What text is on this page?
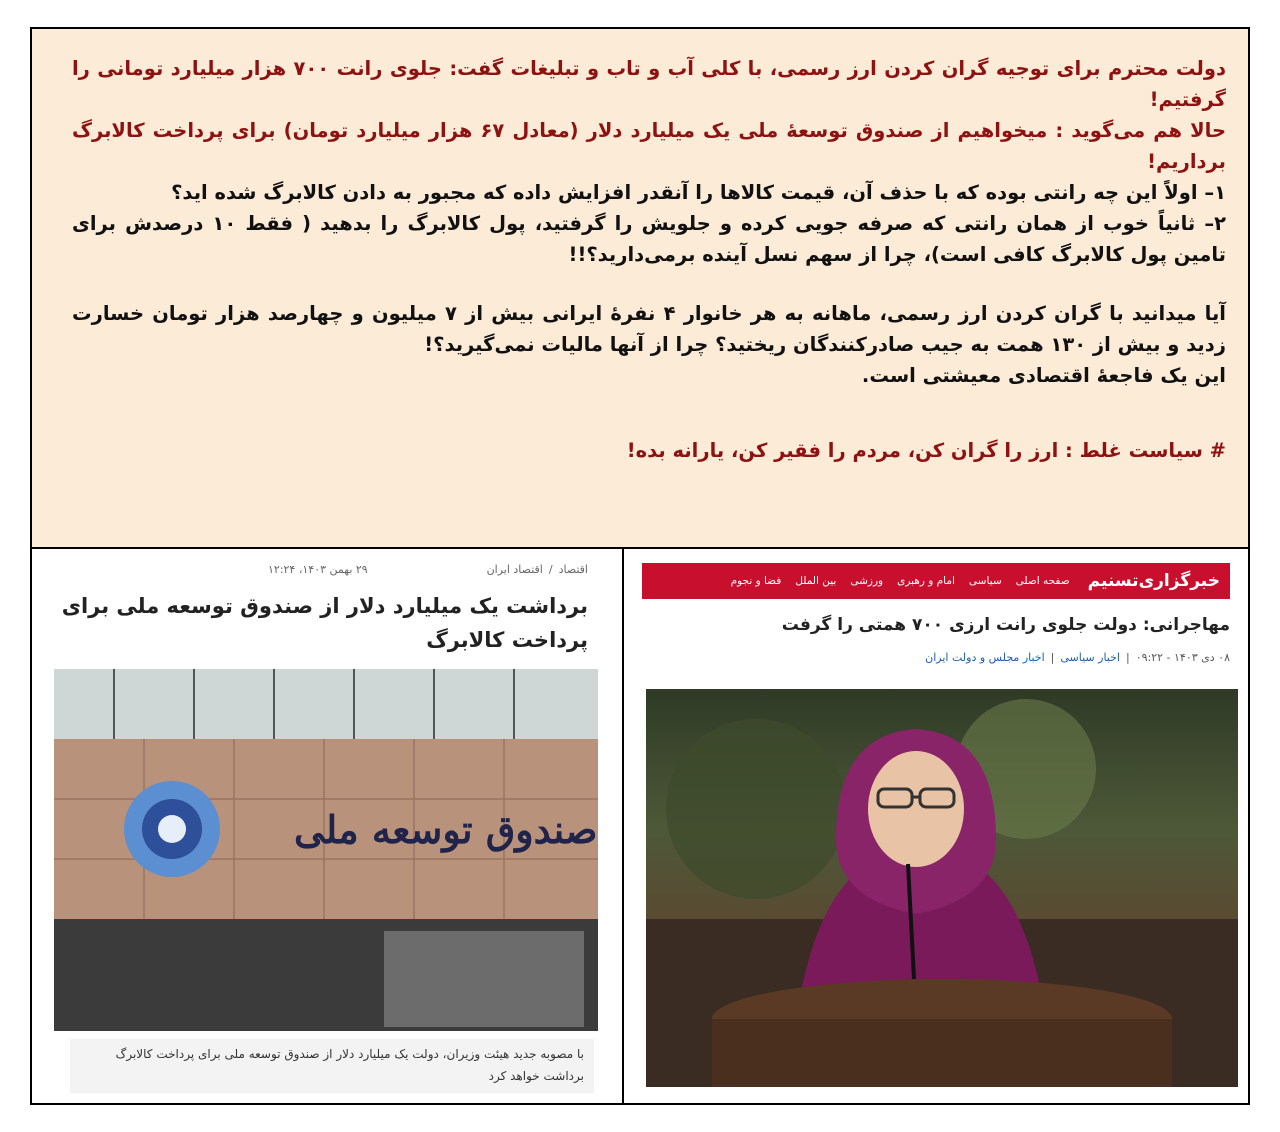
دولت محترم برای توجیه گران کردن ارز رسمی، با کلی آب و تاب و تبلیغات گفت: جلوی رانت ۷۰۰ هزار میلیارد تومانی را گرفتیم!

حالا هم می‌گوید : میخواهیم از صندوق توسعۀ ملی یک میلیارد دلار (معادل ۶۷ هزار میلیارد تومان) برای پرداخت کالابرگ برداریم!

۱– اولاً این چه رانتی بوده که با حذف آن، قیمت کالاها را آنقدر افزایش داده که مجبور به دادن کالابرگ شده اید؟

۲– ثانیاً خوب از همان رانتی که صرفه جویی کرده و جلویش را گرفتید، پول کالابرگ را بدهید ( فقط ۱۰ درصدش برای تامین پول کالابرگ کافی است)، چرا از سهم نسل آینده برمی‌دارید؟!!

آیا میدانید با گران کردن ارز رسمی، ماهانه به هر خانوار ۴ نفرۀ ایرانی بیش از ۷ میلیون و چهارصد هزار تومان خسارت زدید و بیش از ۱۳۰ همت به جیب صادرکنندگان ریختید؟ چرا از آنها مالیات نمی‌گیرید؟!

این یک فاجعۀ اقتصادی معیشتی است.

# سیاست غلط : ارز را گران کن، مردم را فقیر کن، یارانه بده!

خبرگزاری‌تسنیم
صفحه اصلی
سیاسی
امام و رهبری
ورزشی
بین الملل
فضا و نجوم
مهاجرانی: دولت جلوی رانت ارزی ۷۰۰ همتی را گرفت
۰۸ دی ۱۴۰۳ - ۰۹:۲۲
|
اخبار سیاسی
|
اخبار مجلس و دولت ایران
اقتصاد
/
اقتصاد ایران
۲۹ بهمن ۱۴۰۳، ۱۲:۲۴
برداشت یک میلیارد دلار از صندوق توسعه ملی برای پرداخت کالابرگ
صندوق توسعه ملی
با مصوبه جدید هیئت وزیران، دولت یک میلیارد دلار از صندوق توسعه ملی برای پرداخت کالابرگ برداشت خواهد کرد
